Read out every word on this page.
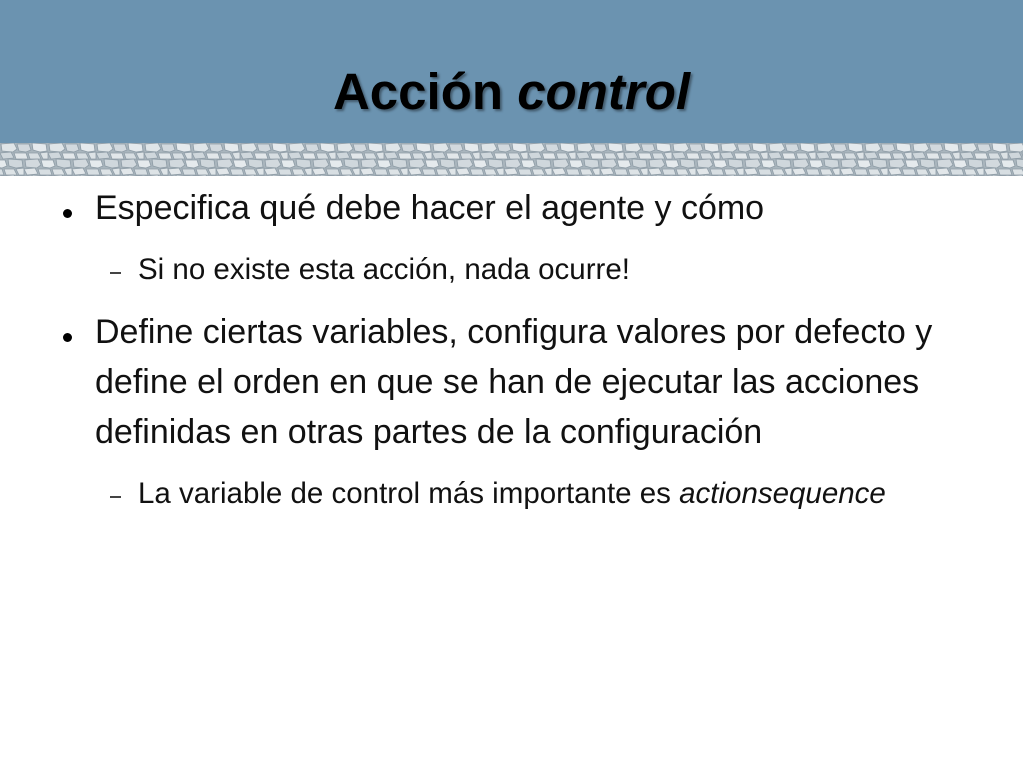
Acción control
Especifica qué debe hacer el agente y cómo
Si no existe esta acción, nada ocurre!
Define ciertas variables, configura valores por defecto y define el orden en que se han de ejecutar las acciones definidas en otras partes de la configuración
La variable de control más importante es actionsequence
